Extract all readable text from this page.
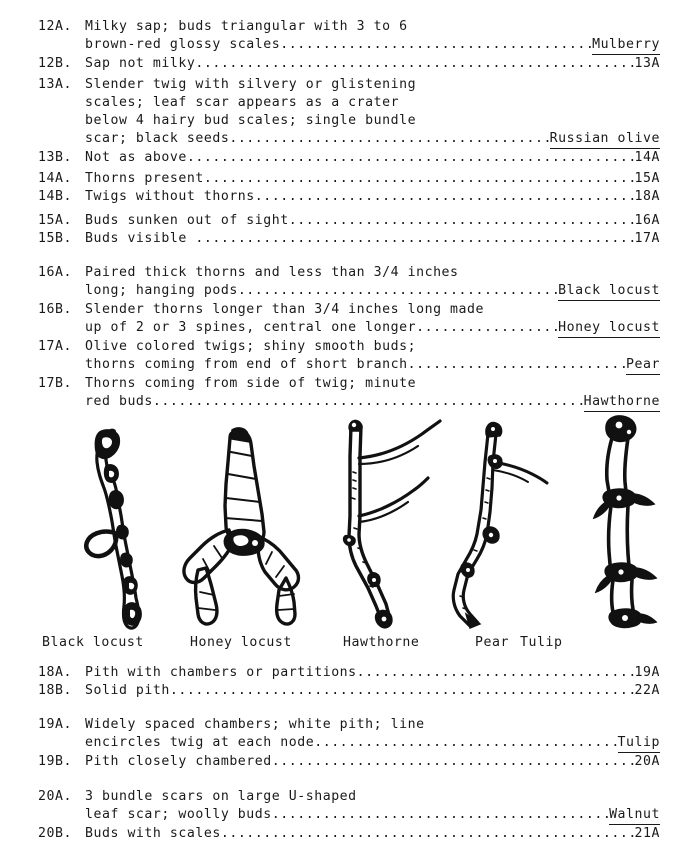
12A. Milky sap; buds triangular with 3 to 6
brown-red glossy scales .....	Mulberry
12B. Sap not milky .....	13A
13A. Slender twig with silvery or glistening
scales; leaf scar appears as a crater
below 4 hairy bud scales; single bundle
scar; black seeds .....	Russian olive
13B. Not as above .....	14A
14A. Thorns present .....	15A
14B. Twigs without thorns .....	18A
15A. Buds sunken out of sight .....	16A
15B. Buds visible .....	17A
16A. Paired thick thorns and less than 3/4 inches
long; hanging pods .....	Black locust
16B. Slender thorns longer than 3/4 inches long made
up of 2 or 3 spines, central one longer .....	Honey locust
17A. Olive colored twigs; shiny smooth buds;
thorns coming from end of short branch .....	Pear
17B. Thorns coming from side of twig; minute
red buds .....	Hawthorne
18A. Pith with chambers or partitions .....	19A
18B. Solid pith .....	22A
19A. Widely spaced chambers; white pith; line
encircles twig at each node .....	Tulip
19B. Pith closely chambered .....	20A
20A. 3 bundle scars on large U-shaped
leaf scar; woolly buds .....	Walnut
20B. Buds with scales .....	21A
Black locust	Honey locust	Hawthorne	Pear Tulip
